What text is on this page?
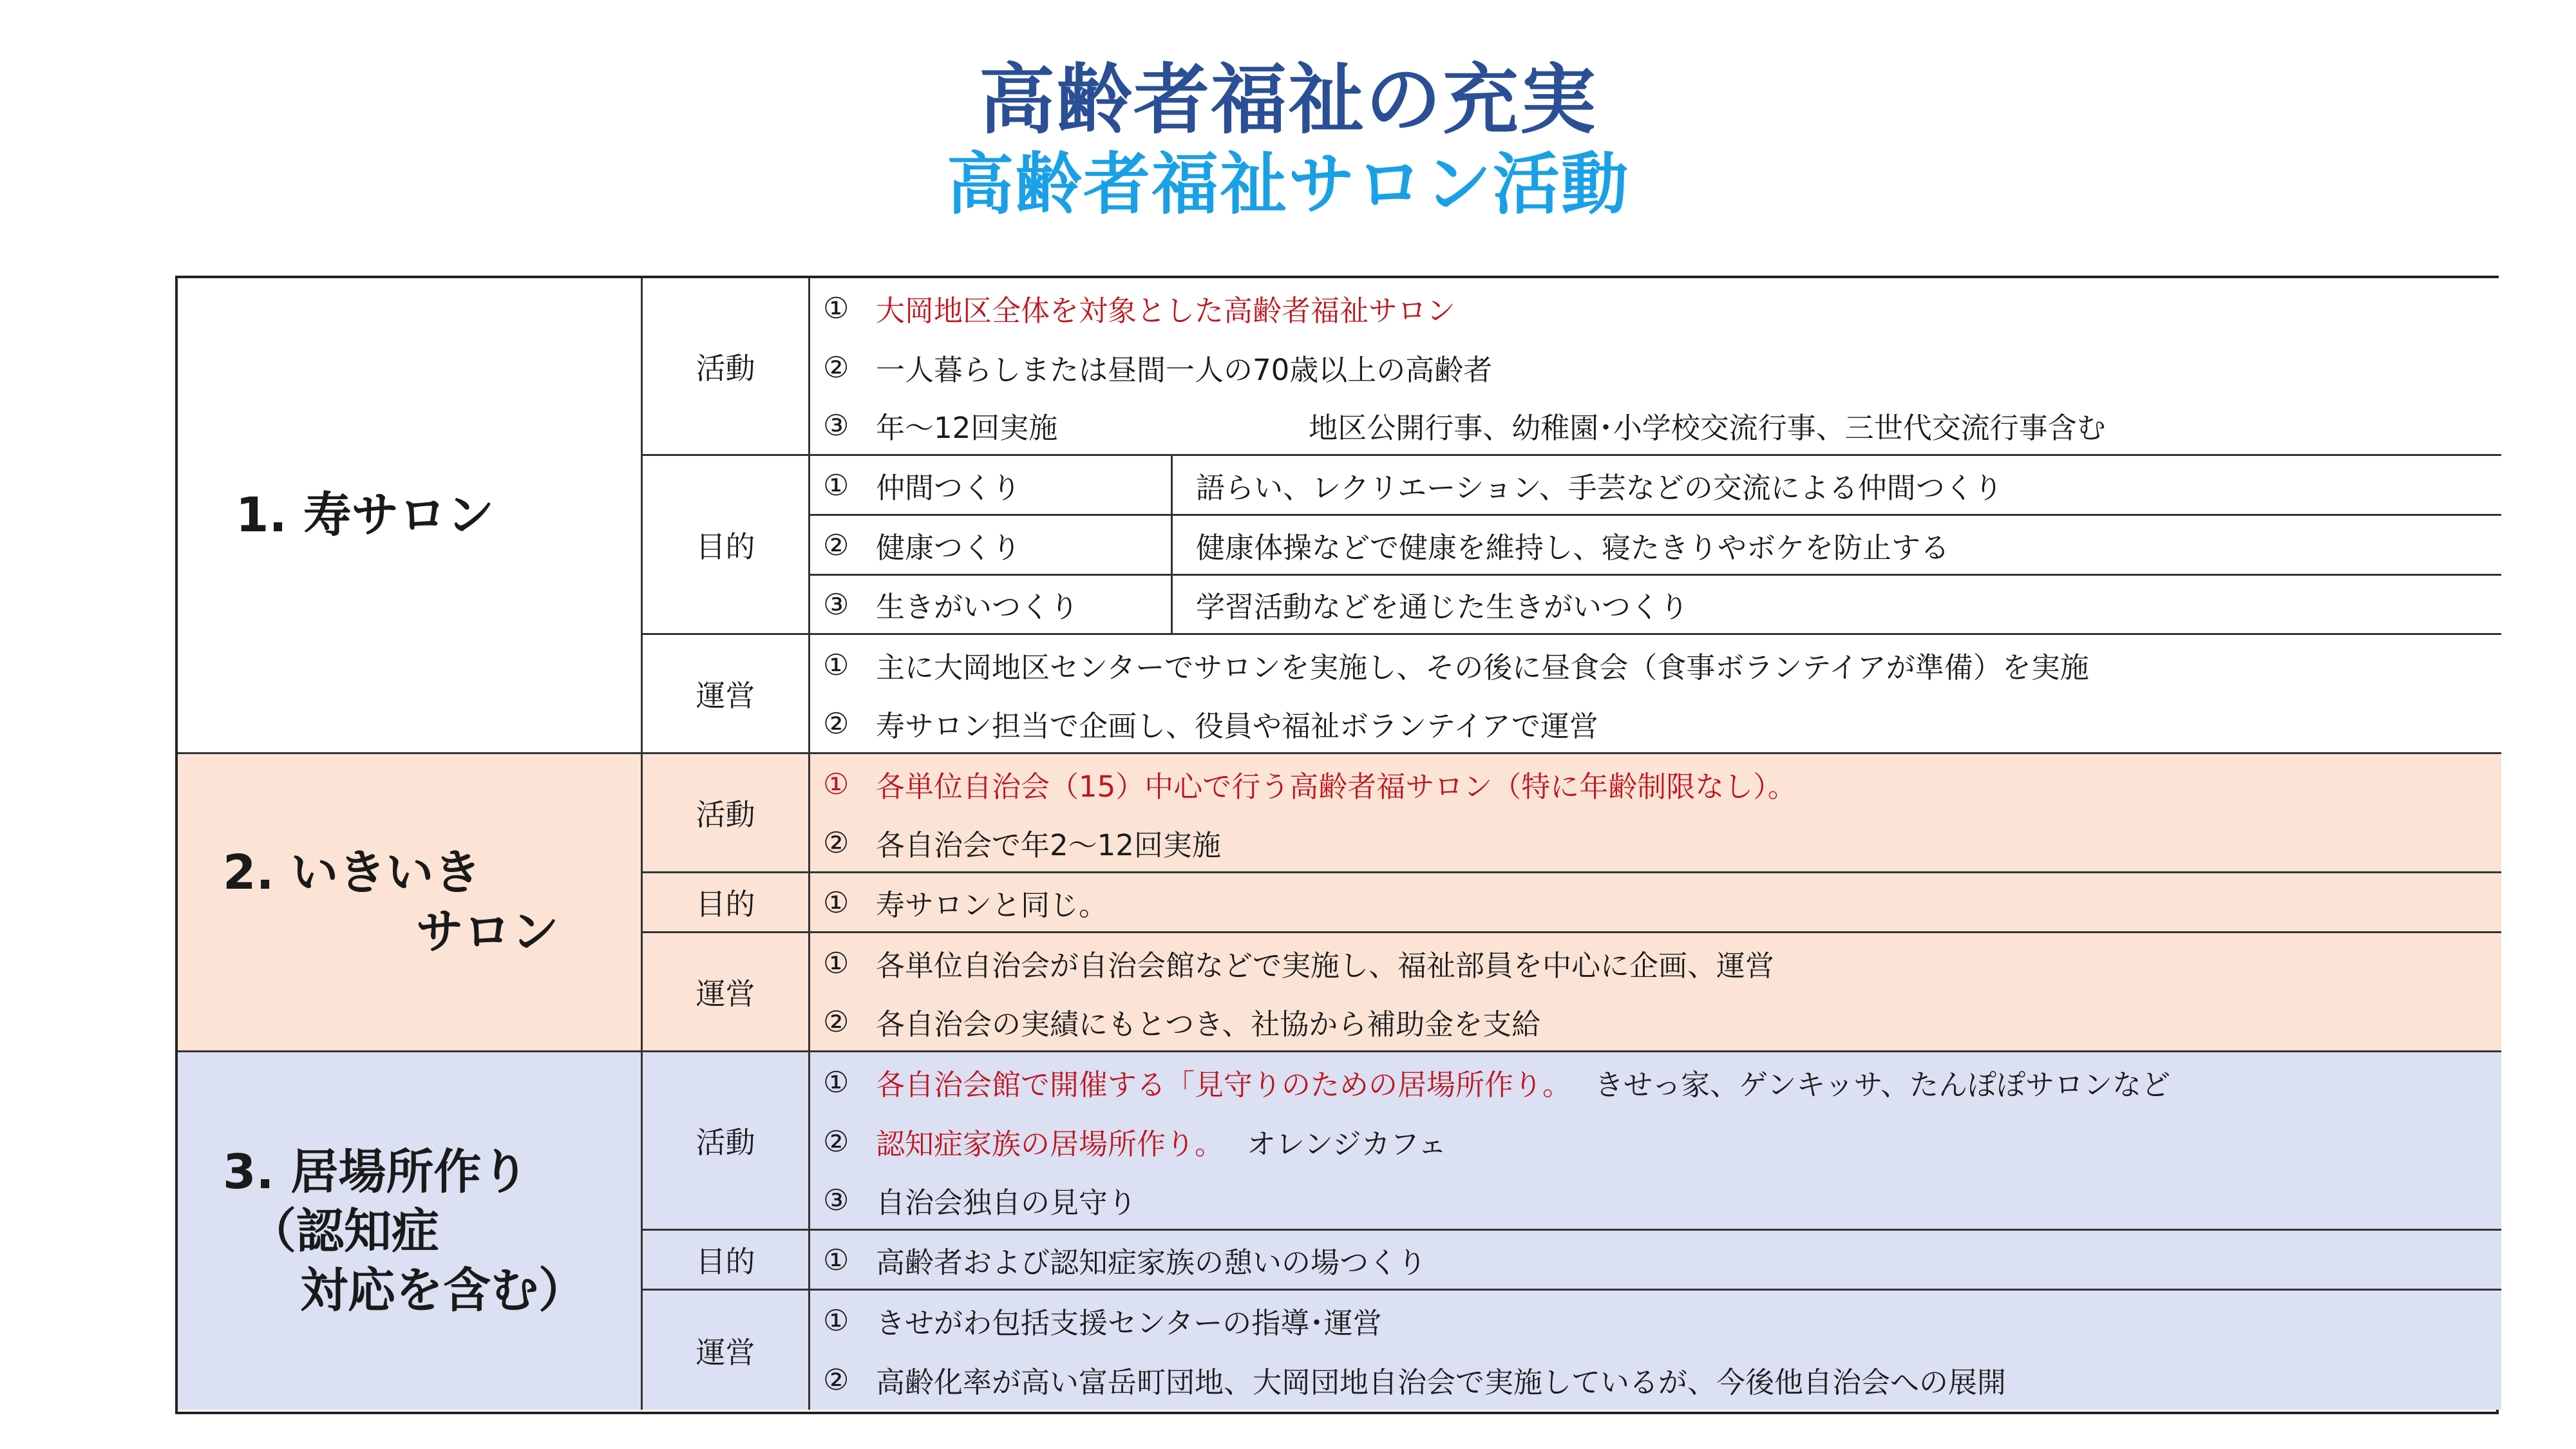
高齢者福祉の充実
高齢者福祉サロン活動
1. 寿サロン
活動
① 大岡地区全体を対象とした高齢者福祉サロン
② 一人暮らしまたは昼間一人の70歳以上の高齢者
③ 年～12回実施	地区公開行事、幼稚園･小学校交流行事、三世代交流行事含む
目的
① 仲間つくり	語らい、レクリエーション、手芸などの交流による仲間つくり
② 健康つくり	健康体操などで健康を維持し、寝たきりやボケを防止する
③ 生きがいつくり	学習活動などを通じた生きがいつくり
運営
① 主に大岡地区センターでサロンを実施し、その後に昼食会（食事ボランテイアが準備）を実施
② 寿サロン担当で企画し、役員や福祉ボランテイアで運営
2. いきいき
　 サロン
活動
① 各単位自治会（15）中心で行う高齢者福サロン（特に年齢制限なし）。
② 各自治会で年2～12回実施
目的	① 寿サロンと同じ。
運営
① 各単位自治会が自治会館などで実施し、福祉部員を中心に企画、運営
② 各自治会の実績にもとつき、社協から補助金を支給
3. 居場所作り
（認知症
対応を含む）
活動
① 各自治会館で開催する「見守りのための居場所作り。 きせっ家、ゲンキッサ、たんぽぽサロンなど
② 認知症家族の居場所作り。 オレンジカフェ
③ 自治会独自の見守り
目的	① 高齢者および認知症家族の憩いの場つくり
運営
① きせがわ包括支援センターの指導･運営
② 高齢化率が高い富岳町団地、大岡団地自治会で実施しているが、今後他自治会への展開
